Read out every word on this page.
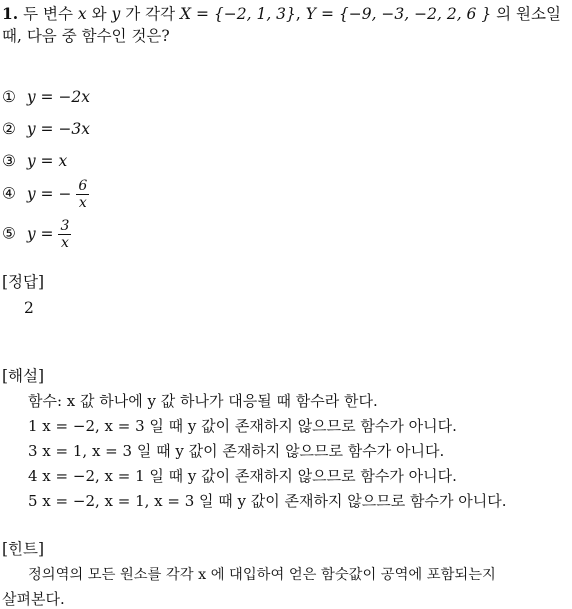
1. 두 변수 x 와 y 가 각각 X = {−2, 1, 3}, Y = {−9, −3, −2, 2, 6 } 의 원소일
때, 다음 중 함수인 것은?
① y = −2x
② y = −3x
③ y = x
④ y = − $\frac{6}{x}$
⑤ $y = \frac{3}{x}$
[정답]
2
[해설]
함수: x 값 하나에 y 값 하나가 대응될 때 함수라 한다.
1 x = −2, x = 3 일 때 y 값이 존재하지 않으므로 함수가 아니다.
3 x = 1, x = 3 일 때 y 값이 존재하지 않으므로 함수가 아니다.
4 x = −2, x = 1 일 때 y 값이 존재하지 않으므로 함수가 아니다.
5 x = −2, x = 1, x = 3 일 때 y 값이 존재하지 않으므로 함수가 아니다.
[힌트]
정의역의 모든 원소를 각각 x 에 대입하여 얻은 함숫값이 공역에 포함되는지
살펴본다.
